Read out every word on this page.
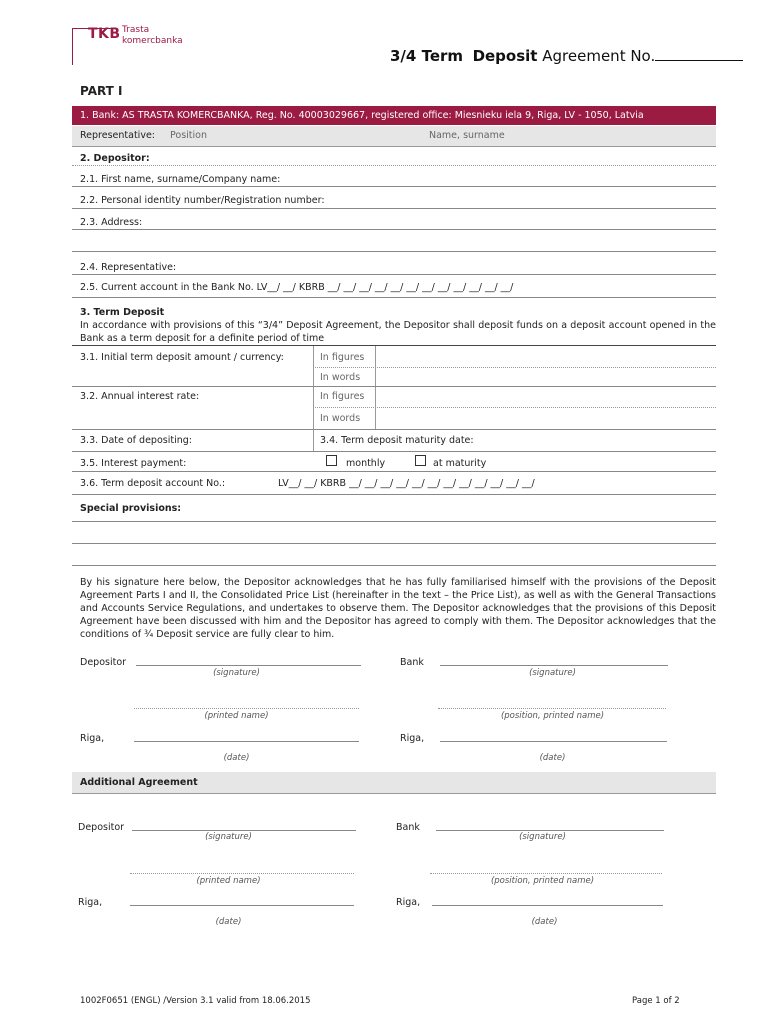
TKB Trasta
komercbanka
3/4 Term Deposit Agreement No.
PART I
1. Bank: AS TRASTA KOMERCBANKA, Reg. No. 40003029667, registered office: Miesnieku iela 9, Riga, LV - 1050, Latvia
Representative: Position	Name, surname
2. Depositor:
2.1. First name, surname/Company name:
2.2. Personal identity number/Registration number:
2.3. Address:
2.4. Representative:
2.5. Current account in the Bank No. LV__/ __/ KBRB __/ __/ __/ __/ __/ __/ __/ __/ __/ __/ __/ __/
3. Term Deposit
In accordance with provisions of this “3/4” Deposit Agreement, the Depositor shall deposit funds on a deposit account opened in the Bank as a term deposit for a definite period of time
3.1. Initial term deposit amount / currency:	In figures
In words
3.2. Annual interest rate:	In figures
In words
3.3. Date of depositing:	3.4. Term deposit maturity date:
3.5. Interest payment:	monthly	at maturity
3.6. Term deposit account No.:	LV__/ __/ KBRB __/ __/ __/ __/ __/ __/ __/ __/ __/ __/ __/ __/
Special provisions:
By his signature here below, the Depositor acknowledges that he has fully familiarised himself with the provisions of the Deposit Agreement Parts I and II, the Consolidated Price List (hereinafter in the text – the Price List), as well as with the General Transactions and Accounts Service Regulations, and undertakes to observe them. The Depositor acknowledges that the provisions of this Deposit Agreement have been discussed with him and the Depositor has agreed to comply with them. The Depositor acknowledges that the conditions of ¾ Deposit service are fully clear to him.
Depositor
(signature)
Bank
(signature)
(printed name)	(position, printed name)
Riga,
(date)
Riga,
(date)
Additional Agreement
Depositor
(signature)
Bank
(signature)
(printed name)	(position, printed name)
Riga,
(date)
Riga,
(date)
1002F0651 (ENGL) /Version 3.1 valid from 18.06.2015	Page 1 of 2
